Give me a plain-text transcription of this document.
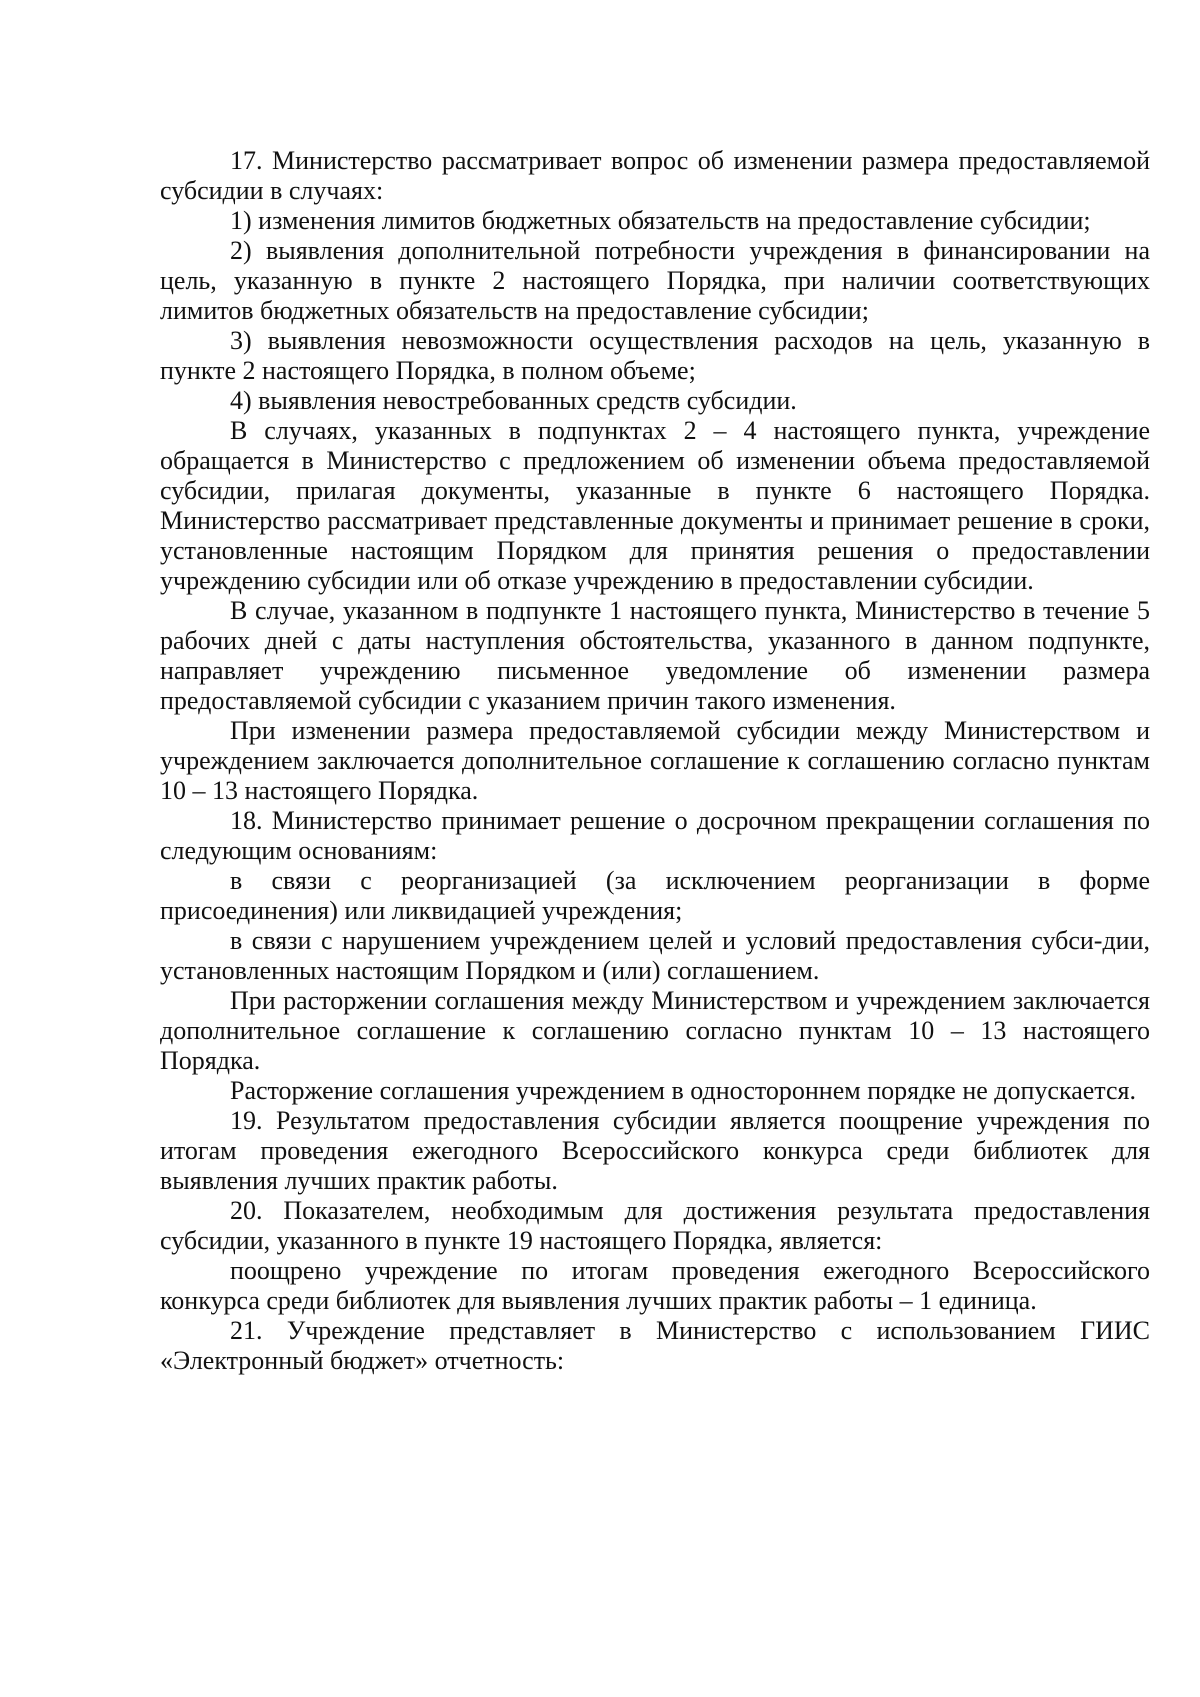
17. Министерство рассматривает вопрос об изменении размера предоставляемой субсидии в случаях:

1) изменения лимитов бюджетных обязательств на предоставление субсидии;

2) выявления дополнительной потребности учреждения в финансировании на цель, указанную в пункте 2 настоящего Порядка, при наличии соответствующих лимитов бюджетных обязательств на предоставление субсидии;

3) выявления невозможности осуществления расходов на цель, указанную в пункте 2 настоящего Порядка, в полном объеме;

4) выявления невостребованных средств субсидии.

В случаях, указанных в подпунктах 2 – 4 настоящего пункта, учреждение обращается в Министерство с предложением об изменении объема предоставляемой субсидии, прилагая документы, указанные в пункте 6 настоящего Порядка. Министерство рассматривает представленные документы и принимает решение в сроки, установленные настоящим Порядком для принятия решения о предоставлении учреждению субсидии или об отказе учреждению в предоставлении субсидии.

В случае, указанном в подпункте 1 настоящего пункта, Министерство в течение 5 рабочих дней с даты наступления обстоятельства, указанного в данном подпункте, направляет учреждению письменное уведомление об изменении размера предоставляемой субсидии с указанием причин такого изменения.

При изменении размера предоставляемой субсидии между Министерством и учреждением заключается дополнительное соглашение к соглашению согласно пунктам 10 – 13 настоящего Порядка.

18. Министерство принимает решение о досрочном прекращении соглашения по следующим основаниям:

в связи с реорганизацией (за исключением реорганизации в форме присоединения) или ликвидацией учреждения;

в связи с нарушением учреждением целей и условий предоставления субси-дии, установленных настоящим Порядком и (или) соглашением.

При расторжении соглашения между Министерством и учреждением заключается дополнительное соглашение к соглашению согласно пунктам 10 – 13 настоящего Порядка.

Расторжение соглашения учреждением в одностороннем порядке не допускается.

19. Результатом предоставления субсидии является поощрение учреждения по итогам проведения ежегодного Всероссийского конкурса среди библиотек для выявления лучших практик работы.

20. Показателем, необходимым для достижения результата предоставления субсидии, указанного в пункте 19 настоящего Порядка, является:

поощрено учреждение по итогам проведения ежегодного Всероссийского конкурса среди библиотек для выявления лучших практик работы – 1 единица.

21. Учреждение представляет в Министерство с использованием ГИИС «Электронный бюджет» отчетность:
